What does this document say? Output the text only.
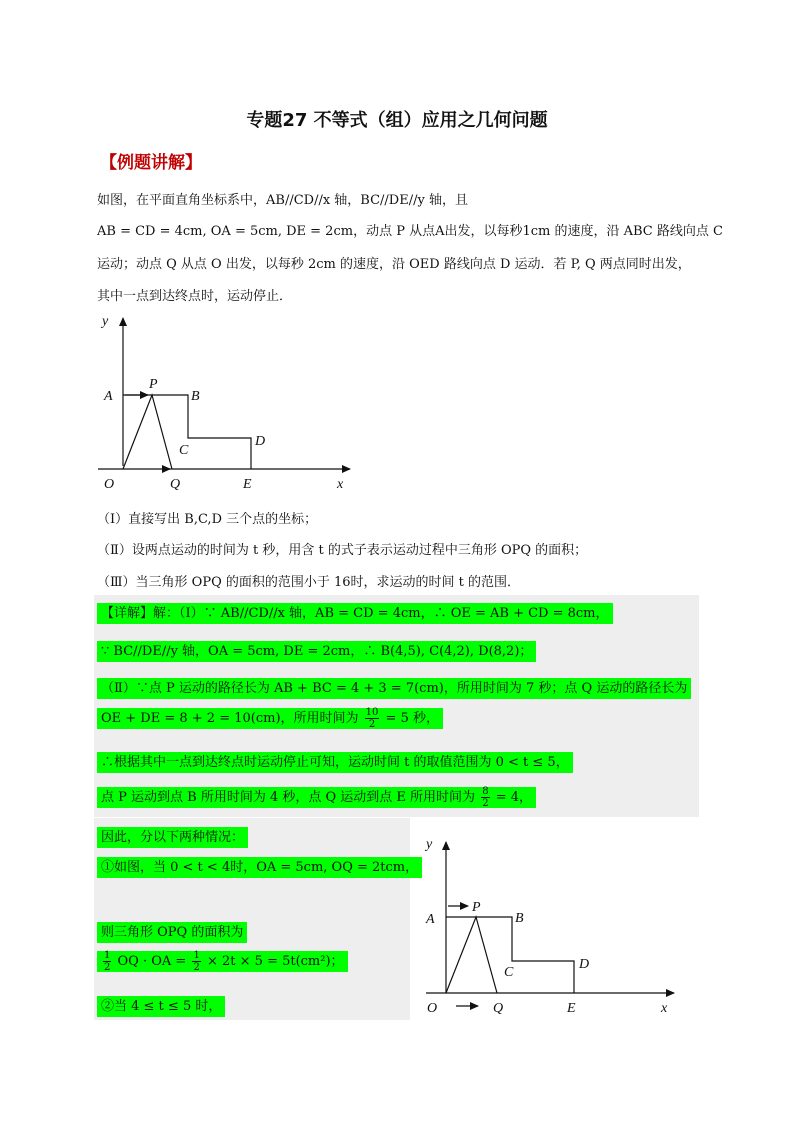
专题27 不等式（组）应用之几何问题
【例题讲解】
如图，在平面直角坐标系中，AB//CD//x 轴，BC//DE//y 轴，且
AB = CD = 4cm, OA = 5cm, DE = 2cm，动点 P 从点A出发，以每秒1cm 的速度，沿 ABC 路线向点 C
运动；动点 Q 从点 O 出发，以每秒 2cm 的速度，沿 OED 路线向点 D 运动．若 P, Q 两点同时出发，
其中一点到达终点时，运动停止．
y
A
P
B
C
D
O	Q	E	x
（Ⅰ）直接写出 B,C,D 三个点的坐标；
（Ⅱ）设两点运动的时间为 t 秒，用含 t 的式子表示运动过程中三角形 OPQ 的面积；
（Ⅲ）当三角形 OPQ 的面积的范围小于 16时，求运动的时间 t 的范围．
【详解】解：（Ⅰ）∵ AB//CD//x 轴，AB = CD = 4cm，∴ OE = AB + CD = 8cm，
∵ BC//DE//y 轴，OA = 5cm, DE = 2cm，∴ B(4,5), C(4,2), D(8,2)；
（Ⅱ）∵点 P 运动的路径长为 AB + BC = 4 + 3 = 7(cm)，所用时间为 7 秒；点 Q 运动的路径长为
OE + DE = 8 + 2 = 10(cm)，所用时间为 $\frac{10}{2} = 5$ 秒，
∴根据其中一点到达终点时运动停止可知，运动时间 t 的取值范围为 0 < t ≤ 5，
点 P 运动到点 B 所用时间为 4 秒，点 Q 运动到点 E 所用时间为 $\frac{8}{2} = 4$，
因此，分以下两种情况：
①如图，当 0 < t < 4时，OA = 5cm, OQ = 2tcm，
则三角形 OPQ 的面积为
$\frac{1}{2}$ OQ · OA = $\frac{1}{2} \times 2t \times 5 = 5t(cm^2)$；
②当 4 ≤ t ≤ 5 时，
y
A
P
B
C
D
O	Q	E	x
